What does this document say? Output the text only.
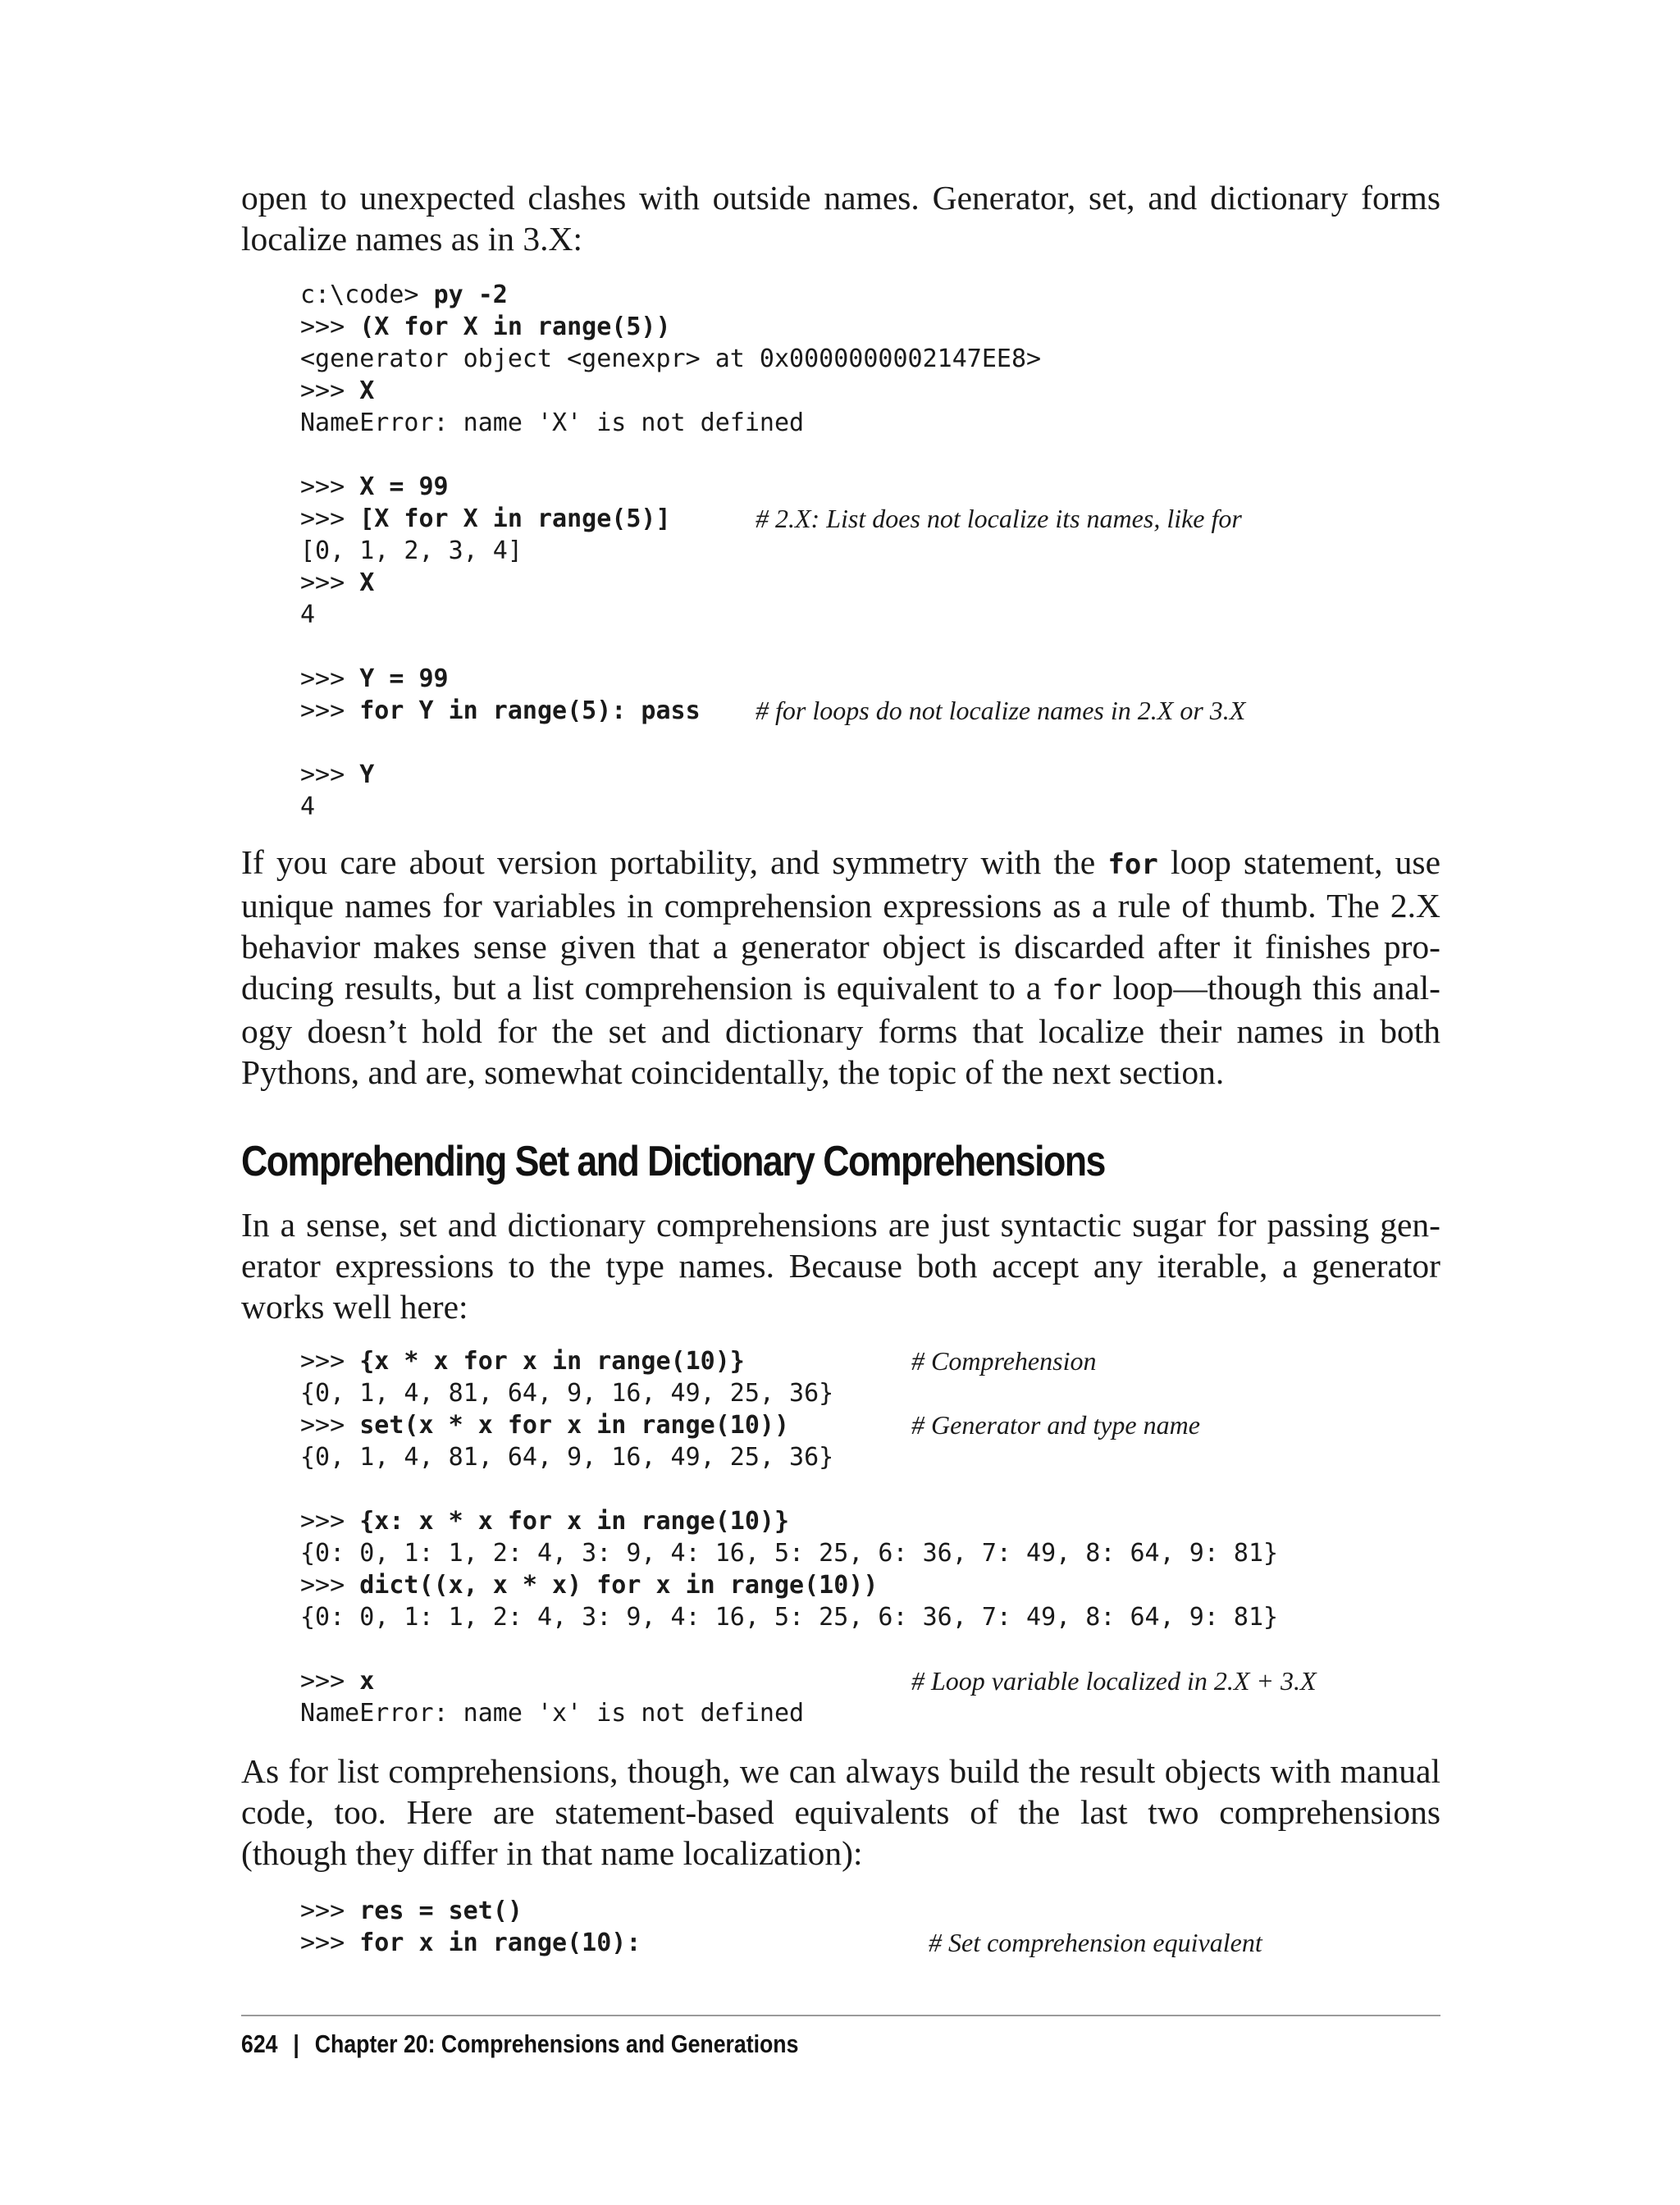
open to unexpected clashes with outside names. Generator, set, and dictionary forms
localize names as in 3.X:
c:\code> py -2
>>> (X for X in range(5))
<generator object <genexpr> at 0x0000000002147EE8>
>>> X
NameError: name 'X' is not defined
>>> X = 99
>>> [X for X in range(5)]	# 2.X: List does not localize its names, like for
[0, 1, 2, 3, 4]
>>> X
4
>>> Y = 99
>>> for Y in range(5): pass # for loops do not localize names in 2.X or 3.X
>>> Y
4
If you care about version portability, and symmetry with the for loop statement, use
unique names for variables in comprehension expressions as a rule of thumb. The 2.X
behavior makes sense given that a generator object is discarded after it finishes pro-
ducing results, but a list comprehension is equivalent to a for loop—though this anal-
ogy doesn’t hold for the set and dictionary forms that localize their names in both
Pythons, and are, somewhat coincidentally, the topic of the next section.
Comprehending Set and Dictionary Comprehensions
In a sense, set and dictionary comprehensions are just syntactic sugar for passing gen-
erator expressions to the type names. Because both accept any iterable, a generator
works well here:
>>> {x * x for x in range(10)}	# Comprehension
{0, 1, 4, 81, 64, 9, 16, 49, 25, 36}
>>> set(x * x for x in range(10))	# Generator and type name
{0, 1, 4, 81, 64, 9, 16, 49, 25, 36}
>>> {x: x * x for x in range(10)}
{0: 0, 1: 1, 2: 4, 3: 9, 4: 16, 5: 25, 6: 36, 7: 49, 8: 64, 9: 81}
>>> dict((x, x * x) for x in range(10))
{0: 0, 1: 1, 2: 4, 3: 9, 4: 16, 5: 25, 6: 36, 7: 49, 8: 64, 9: 81}
>>> x	# Loop variable localized in 2.X + 3.X
NameError: name 'x' is not defined
As for list comprehensions, though, we can always build the result objects with manual
code, too. Here are statement-based equivalents of the last two comprehensions
(though they differ in that name localization):
>>> res = set()
>>> for x in range(10):	# Set comprehension equivalent
624 | Chapter 20: Comprehensions and Generations
